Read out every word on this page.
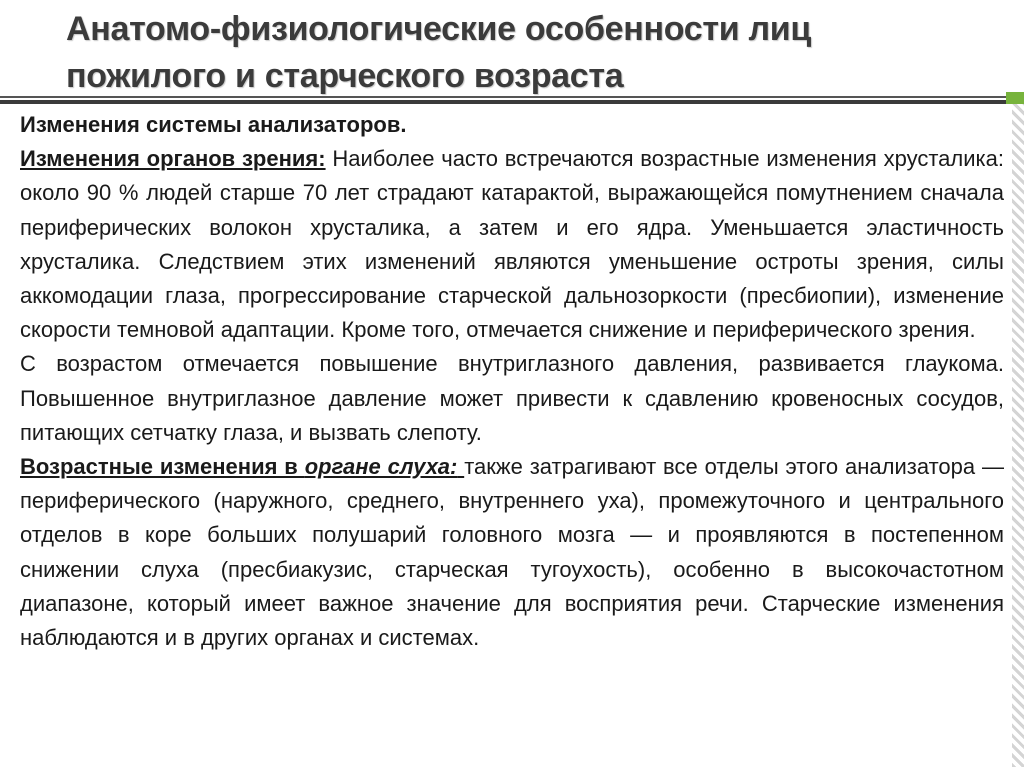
Анатомо-физиологические особенности лиц
пожилого и старческого возраста

Изменения системы анализаторов.

Изменения органов зрения: Наиболее часто встречаются возрастные изменения хрусталика: около 90 % людей старше 70 лет страдают катарактой, выражающейся помутнением сначала периферических волокон хрусталика, а затем и его ядра. Уменьшается эластичность хрусталика. Следствием этих изменений являются уменьшение остроты зрения, силы аккомодации глаза, прогрессирование старческой дальнозоркости (пресбиопии), изменение скорости темновой адаптации. Кроме того, отмечается снижение и периферического зрения.

С возрастом отмечается повышение внутриглазного давления, развивается глаукома. Повышенное внутриглазное давление может привести к сдавлению кровеносных сосудов, питающих сетчатку глаза, и вызвать слепоту.

Возрастные изменения в органе слуха: также затрагивают все отделы этого анализатора — периферического (наружного, среднего, внутреннего уха), промежуточного и центрального отделов в коре больших полушарий головного мозга — и проявляются в постепенном снижении слуха (пресбиакузис, старческая тугоухость), особенно в высокочастотном диапазоне, который имеет важное значение для восприятия речи. Старческие изменения наблюдаются и в других органах и системах.
